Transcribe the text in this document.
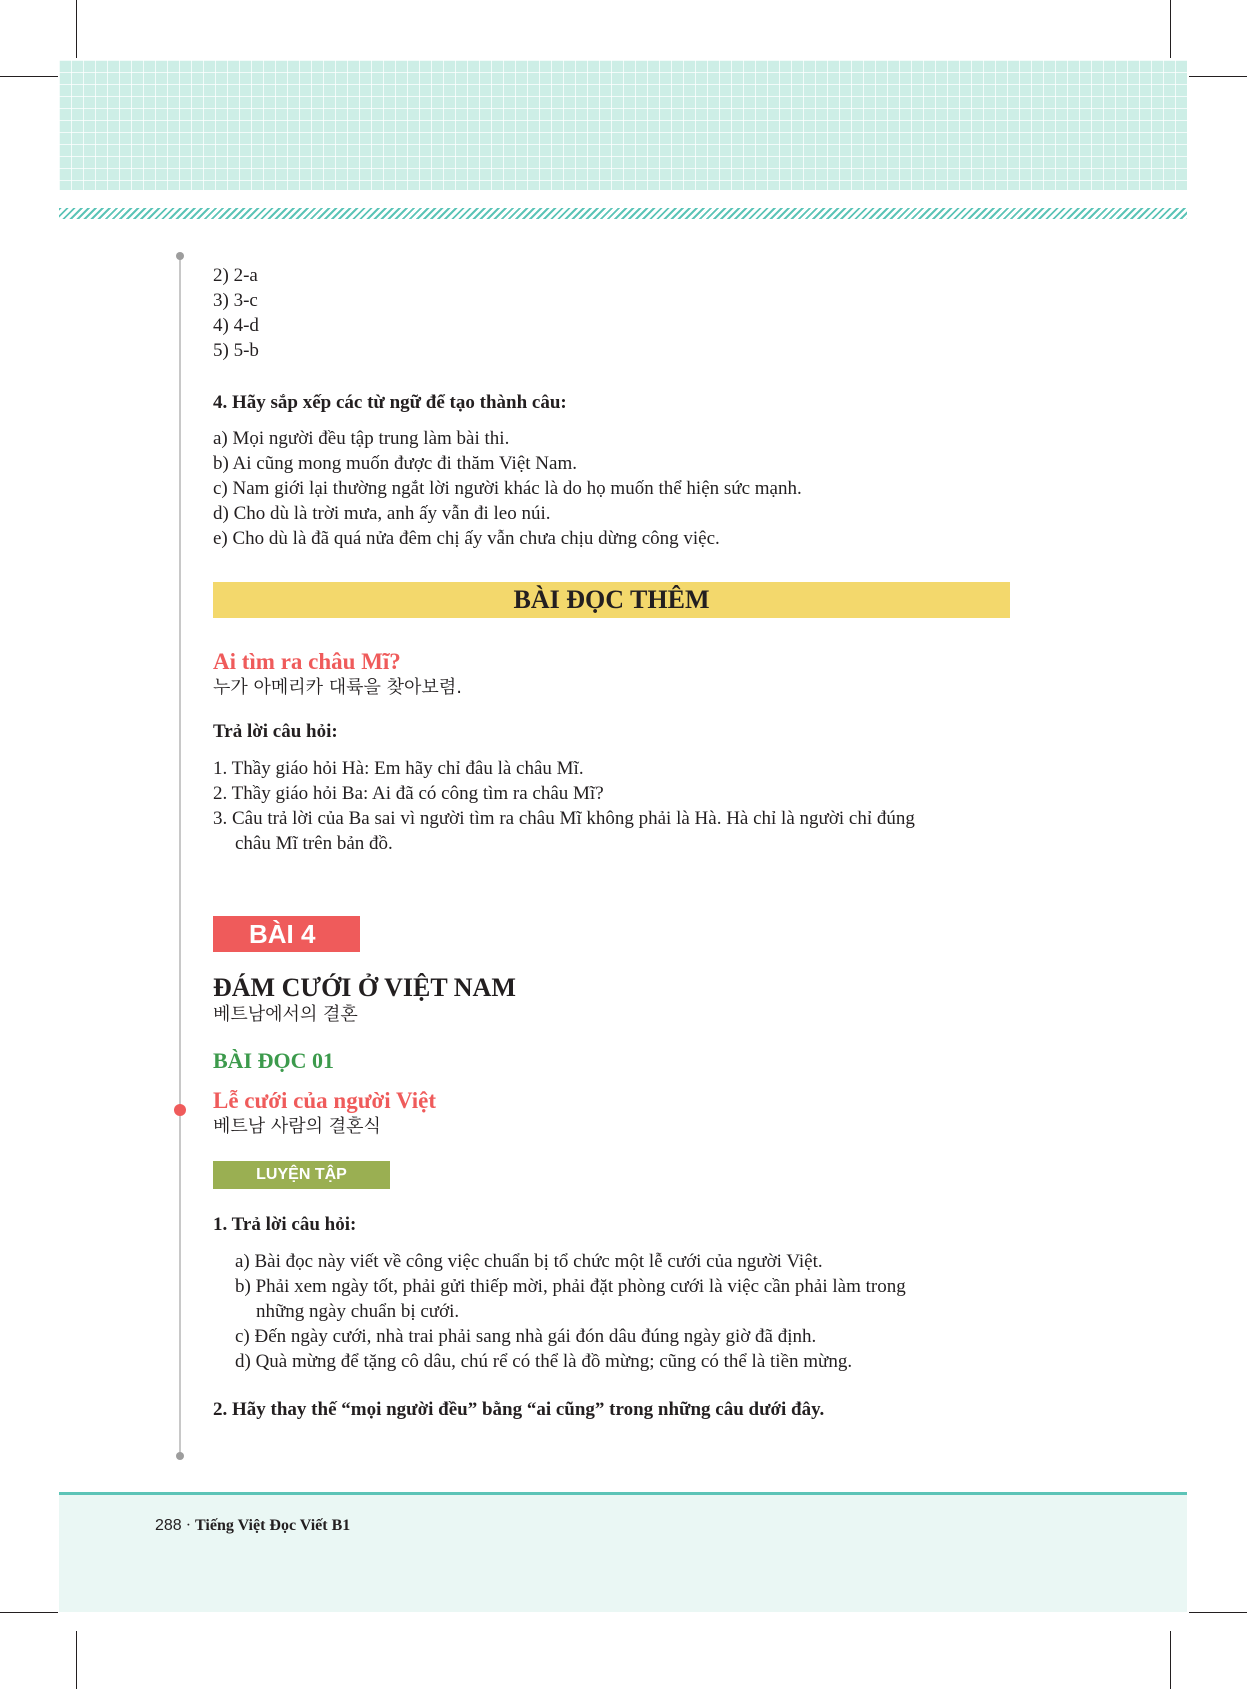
2) 2-a

3) 3-c

4) 4-d

5) 5-b

4. Hãy sắp xếp các từ ngữ để tạo thành câu:

a) Mọi người đều tập trung làm bài thi.

b) Ai cũng mong muốn được đi thăm Việt Nam.

c) Nam giới lại thường ngắt lời người khác là do họ muốn thể hiện sức mạnh.

d) Cho dù là trời mưa, anh ấy vẫn đi leo núi.

e) Cho dù là đã quá nửa đêm chị ấy vẫn chưa chịu dừng công việc.

BÀI ĐỌC THÊM

Ai tìm ra châu Mĩ?

누가 아메리카 대륙을 찾아보렴.

Trả lời câu hỏi:

1. Thầy giáo hỏi Hà: Em hãy chỉ đâu là châu Mĩ.

2. Thầy giáo hỏi Ba: Ai đã có công tìm ra châu Mĩ?

3. Câu trả lời của Ba sai vì người tìm ra châu Mĩ không phải là Hà. Hà chỉ là người chỉ đúng

châu Mĩ trên bản đồ.

BÀI 4

ĐÁM CƯỚI Ở VIỆT NAM

베트남에서의 결혼

BÀI ĐỌC 01

Lễ cưới của người Việt

베트남 사람의 결혼식

LUYỆN TẬP

1. Trả lời câu hỏi:

a) Bài đọc này viết về công việc chuẩn bị tổ chức một lễ cưới của người Việt.

b) Phải xem ngày tốt, phải gửi thiếp mời, phải đặt phòng cưới là việc cần phải làm trong

những ngày chuẩn bị cưới.

c) Đến ngày cưới, nhà trai phải sang nhà gái đón dâu đúng ngày giờ đã định.

d) Quà mừng để tặng cô dâu, chú rể có thể là đồ mừng; cũng có thể là tiền mừng.

2. Hãy thay thế “mọi người đều” bằng “ai cũng” trong những câu dưới đây.

288 · Tiếng Việt Đọc Viết B1
